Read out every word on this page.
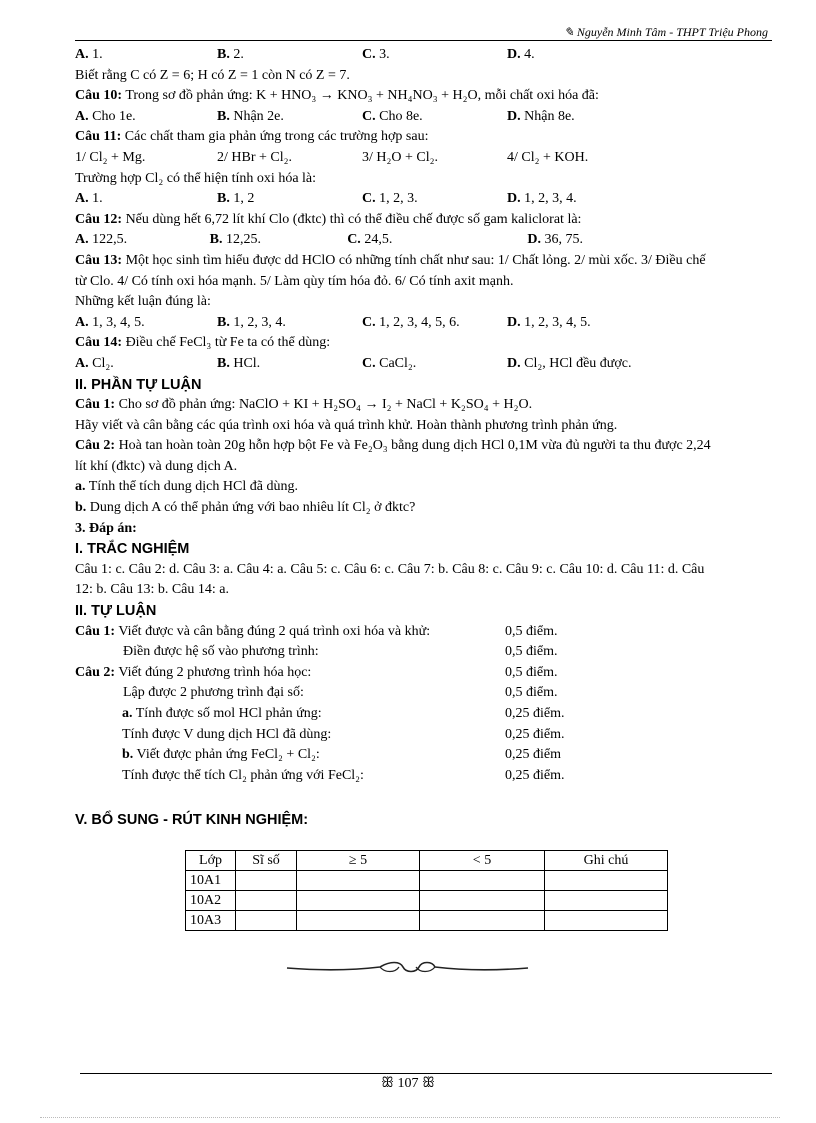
✎ Nguyễn Minh Tâm - THPT Triệu Phong
A. 1.	B. 2.	C. 3.	D. 4.
Biết rằng C có Z = 6; H có Z = 1 còn N có Z = 7.
Câu 10: Trong sơ đồ phản ứng: K + HNO₃ → KNO₃ + NH₄NO₃ + H₂O, mỗi chất oxi hóa đã:
A. Cho 1e.	B. Nhận 2e.	C. Cho 8e.	D. Nhận 8e.
Câu 11: Các chất tham gia phản ứng trong các trường hợp sau:
1/ Cl₂ + Mg.	2/ HBr + Cl₂.	3/ H₂O + Cl₂.	4/ Cl₂ + KOH.
Trường hợp Cl₂ có thể hiện tính oxi hóa là:
A. 1.	B. 1, 2	C. 1, 2, 3.	D. 1, 2, 3, 4.
Câu 12: Nếu dùng hết 6,72 lít khí Clo (đktc) thì có thể điều chế được số gam kaliclorat là:
A. 122,5.	B. 12,25.	C. 24,5.	D. 36, 75.
Câu 13: Một học sinh tìm hiểu được dd HClO có những tính chất như sau: 1/ Chất lỏng. 2/ mùi xốc. 3/ Điều chế
từ Clo. 4/ Có tính oxi hóa mạnh. 5/ Làm qùy tím hóa đỏ. 6/ Có tính axit mạnh.
Những kết luận đúng là:
A. 1, 3, 4, 5.	B. 1, 2, 3, 4.	C. 1, 2, 3, 4, 5, 6.	D. 1, 2, 3, 4, 5.
Câu 14: Điều chế FeCl₃ từ Fe ta có thể dùng:
A. Cl₂.	B. HCl.	C. CaCl₂.	D. Cl₂, HCl đều được.
II. PHẦN TỰ LUẬN
Câu 1: Cho sơ đồ phản ứng: NaClO + KI + H₂SO₄ → I₂ + NaCl + K₂SO₄ + H₂O.
Hãy viết và cân bằng các qúa trình oxi hóa và quá trình khử. Hoàn thành phương trình phản ứng.
Câu 2: Hoà tan hoàn toàn 20g hỗn hợp bột Fe và Fe₂O₃ bằng dung dịch HCl 0,1M vừa đủ người ta thu được 2,24
lít khí (đktc) và dung dịch A.
a. Tính thể tích dung dịch HCl đã dùng.
b. Dung dịch A có thể phản ứng với bao nhiêu lít Cl₂ ở đktc?
3. Đáp án:
I. TRẮC NGHIỆM
Câu 1: c. Câu 2: d. Câu 3: a. Câu 4: a. Câu 5: c. Câu 6: c. Câu 7: b. Câu 8: c. Câu 9: c. Câu 10: d. Câu 11: d. Câu
12: b. Câu 13: b. Câu 14: a.
II. TỰ LUẬN
Câu 1: Viết được và cân bằng đúng 2 quá trình oxi hóa và khử:	0,5 điểm.
Điền được hệ số vào phương trình:	0,5 điểm.
Câu 2: Viết đúng 2 phương trình hóa học:	0,5 điểm.
Lập được 2 phương trình đại số:	0,5 điểm.
a. Tính được số mol HCl phản ứng:	0,25 điểm.
Tính được V dung dịch HCl đã dùng:	0,25 điểm.
b. Viết được phản ứng FeCl₂ + Cl₂:	0,25 điểm
Tính được thể tích Cl₂ phản ứng với FeCl₂:	0,25 điểm.
V. BỔ SUNG - RÚT KINH NGHIỆM:
Lớp	Sĩ số	≥ 5	< 5	Ghi chú
10A1				
10A2				
10A3				
ꕥ 107 ꕥ
